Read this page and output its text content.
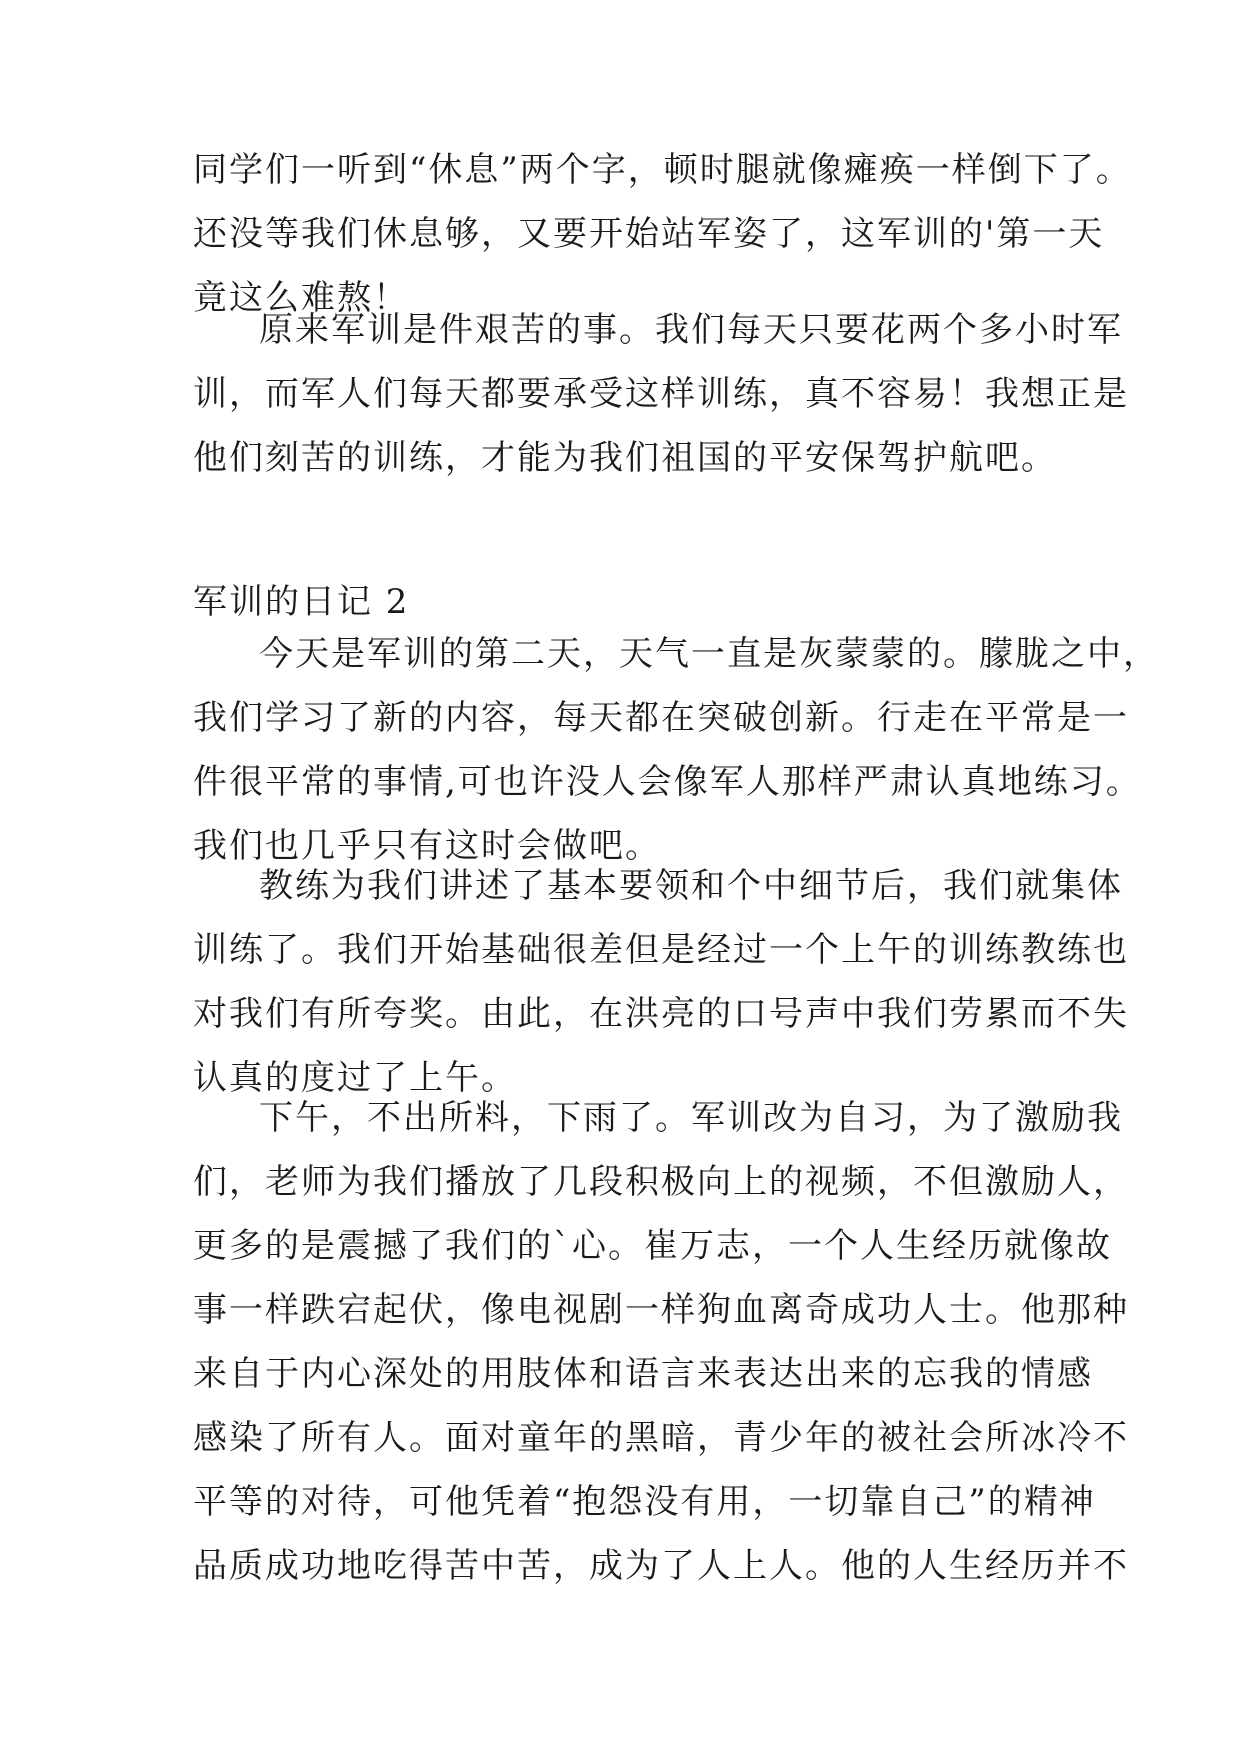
同学们一听到“休息”两个字，顿时腿就像瘫痪一样倒下了。
还没等我们休息够，又要开始站军姿了，这军训的'第一天
竟这么难熬！
原来军训是件艰苦的事。我们每天只要花两个多小时军
训，而军人们每天都要承受这样训练，真不容易！我想正是
他们刻苦的训练，才能为我们祖国的平安保驾护航吧。
军训的日记 2
今天是军训的第二天，天气一直是灰蒙蒙的。朦胧之中，
我们学习了新的内容，每天都在突破创新。行走在平常是一
件很平常的事情,可也许没人会像军人那样严肃认真地练习。
我们也几乎只有这时会做吧。
教练为我们讲述了基本要领和个中细节后，我们就集体
训练了。我们开始基础很差但是经过一个上午的训练教练也
对我们有所夸奖。由此，在洪亮的口号声中我们劳累而不失
认真的度过了上午。
下午，不出所料，下雨了。军训改为自习，为了激励我
们，老师为我们播放了几段积极向上的视频，不但激励人，
更多的是震撼了我们的`心。崔万志，一个人生经历就像故
事一样跌宕起伏，像电视剧一样狗血离奇成功人士。他那种
来自于内心深处的用肢体和语言来表达出来的忘我的情感
感染了所有人。面对童年的黑暗，青少年的被社会所冰冷不
平等的对待，可他凭着“抱怨没有用，一切靠自己”的精神
品质成功地吃得苦中苦，成为了人上人。他的人生经历并不
